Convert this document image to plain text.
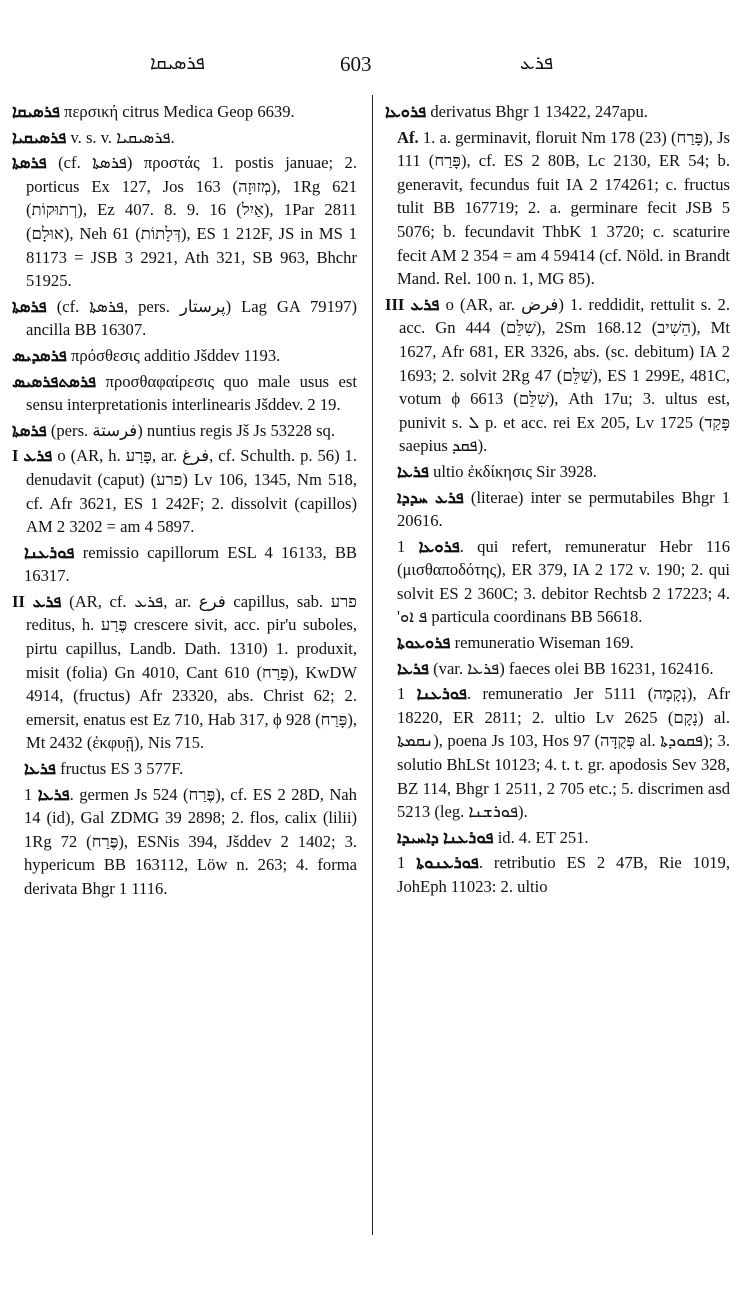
ܦܪܣܝܩܐ	603	ܦܪܥ

ܦܪܣܝܩܐ περσική citrus Medica Geop 6639.

ܦܪܣܝܩܝܐ v. s. v. ܦܪܣܝܩܝܐ.

ܦܪܣܬܐ (cf. ܦܪܣܬܐ) προστάς 1. postis januae; 2. porticus Ex 127, Jos 163 (מְזוּזָה), 1Rg 621 (רְתוּקוֹת), Ez 407. 8. 9. 16 (אַיִל), 1Par 2811 (אוּלָם), Neh 61 (דְּלָתוֹת), ES 1 212F, JS in MS 1 81173 = JSB 3 2921, Ath 321, SB 963, Bhchr 51925.

ܦܪܣܬܐ (cf. ܦܪܣܬܐ, pers. پرستار) Lag GA 79197) ancilla BB 16307.

ܦܪܣܕܝܣ πρόσθεσις additio Jšddev 1193.

ܦܪܣܬܦܪܣܝܣ προσθαφαίρεσις quo male usus est sensu interpretationis interlinearis Jšddev. 2 19.

ܦܪܣܬܐ (pers. فرستة) nuntius regis Jš Js 53228 sq.

I ܦܪܥ o (AR, h. פָּרַע, ar. فرغ, cf. Schulth. p. 56) 1. denudavit (caput) (פרע) Lv 106, 1345, Nm 518, cf. Afr 3621, ES 1 242F; 2. dissolvit (capillos) AM 2 3202 = am 4 5897.

ܦܘܪܥܢܐ remissio capillorum ESL 4 16133, BB 16317.

II ܦܪܥ (AR, cf. ܦܪܥ, ar. فرع capillus, sab. פרע reditus, h. פֶּרַע crescere sivit, acc. pir'u suboles, pirtu capillus, Landb. Dath. 1310) 1. produxit, misit (folia) Gn 4010, Cant 610 (פָּרַח), KwDW 4914, (fructus) Afr 23320, abs. Christ 62; 2. emersit, enatus est Ez 710, Hab 317, ϕ 928 (פָּרַח), Mt 2432 (ἐκφυῇ), Nis 715.

ܦܪܥܐ fructus ES 3 577F.

ܦܪܥܐ 1. germen Js 524 (פֶּרַח), cf. ES 2 28D, Nah 14 (id), Gal ZDMG 39 2898; 2. flos, calix (lilii) 1Rg 72 (פֶּרַח), ESNis 394, Jšddev 2 1402; 3. hypericum BB 163112, Löw n. 263; 4. forma derivata Bhgr 1 1116.

ܦܪܘܥܐ derivatus Bhgr 1 13422, 247apu.

Af. 1. a. germinavit, floruit Nm 178 (23) (פָּרַח), Js 111 (פָּרַח), cf. ES 2 80B, Lc 2130, ER 54; b. generavit, fecundus fuit IA 2 174261; c. fructus tulit BB 167719; 2. a. germinare fecit JSB 5 5076; b. fecundavit ThbK 1 3720; c. scaturire fecit AM 2 354 = am 4 59414 (cf. Nöld. in Brandt Mand. Rel. 100 n. 1, MG 85).

III ܦܪܥ o (AR, ar. فرض) 1. reddidit, rettulit s. 2. acc. Gn 444 (שִׁלֵּם), 2Sm 168.12 (הֵשִׁיב), Mt 1627, Afr 681, ER 3326, abs. (sc. debitum) IA 2 1693; 2. solvit 2Rg 47 (שַׁלֵּם), ES 1 299E, 481C, votum ϕ 6613 (שִׁלֵּם), Ath 17u; 3. ultus est, punivit s. ܠ p. et acc. rei Ex 205, Lv 1725 (פָּקַד saepius ܦܩܕ).

ܦܪܥܐ ultio ἐκδίκησις Sir 3928.

ܦܪܥ ܚܕܕܐ (literae) inter se permutabiles Bhgr 1 20616.

ܦܪܘܥܐ 1. qui refert, remuneratur Hebr 116 (μισθαποδότης), ER 379, IA 2 172 v. 190; 2. qui solvit ES 2 360C; 3. debitor Rechtsb 2 17223; 4. 'ܦ ܐܘ particula coordinans BB 56618.

ܦܪܘܥܘܬܐ remuneratio Wiseman 169.

ܦܪܥܐ (var. ܦܪܥܐ) faeces olei BB 16231, 162416.

ܦܘܪܥܢܐ 1. remuneratio Jer 5111 (נְקָמָה), Afr 18220, ER 2811; 2. ultio Lv 2625 (נָקָם) al. ܢܩܡܬܐ), poena Js 103, Hos 97 (פְּקֻדָּה al. ܦܩܘܕܬܐ); 3. solutio BhLSt 10123; 4. t. t. gr. apodosis Sev 328, BZ 114, Bhgr 1 2511, 2 705 etc.; 5. discrimen asd 5213 (leg. ܦܘܪܫܢܐ).

ܦܘܪܥܢܐ ܕܐܚܝܕܐ id. 4. ET 251.

ܦܘܪܥܢܘܬܐ 1. retributio ES 2 47B, Rie 1019, JohEph 11023: 2. ultio
